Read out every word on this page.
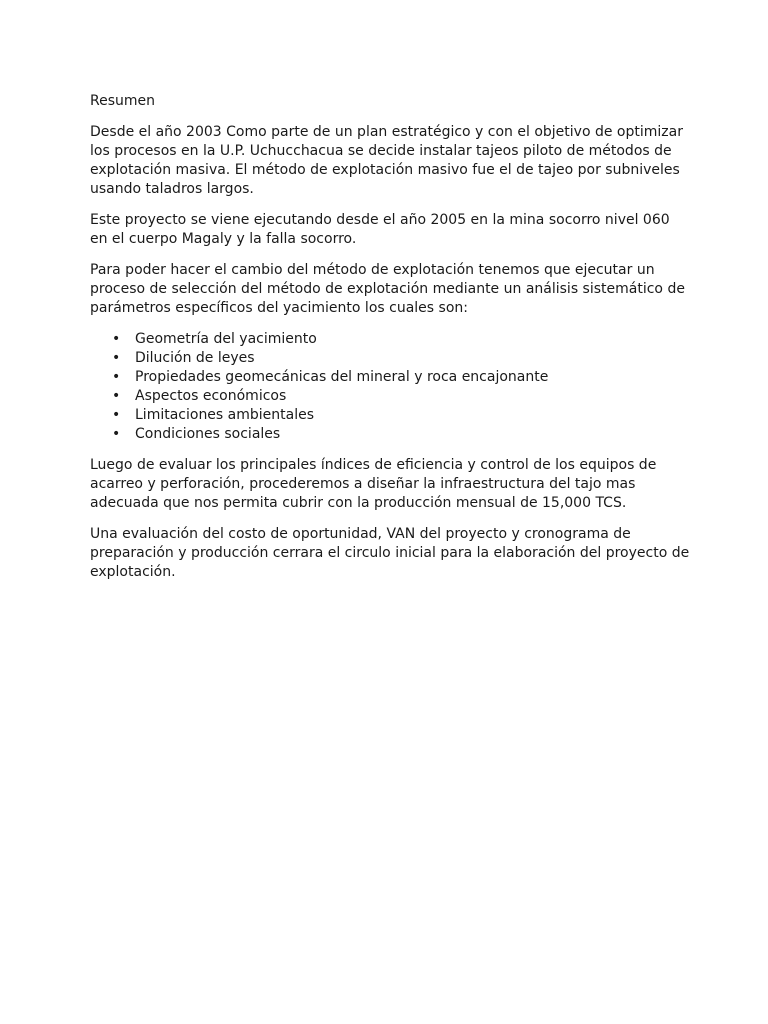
Resumen

Desde el año 2003 Como parte de un plan estratégico y con el objetivo de optimizar los procesos en la U.P. Uchucchacua se decide instalar tajeos piloto de métodos de explotación masiva. El método de explotación masivo fue el de tajeo por subniveles usando taladros largos.

Este proyecto se viene ejecutando desde el año 2005 en la mina socorro nivel 060 en el cuerpo Magaly y la falla socorro.

Para poder hacer el cambio del método de explotación tenemos que ejecutar un proceso de selección del método de explotación mediante un análisis sistemático de parámetros específicos del yacimiento los cuales son:

• Geometría del yacimiento
• Dilución de leyes
• Propiedades geomecánicas del mineral y roca encajonante
• Aspectos económicos
• Limitaciones ambientales
• Condiciones sociales

Luego de evaluar los principales índices de eficiencia y control de los equipos de acarreo y perforación, procederemos a diseñar la infraestructura del tajo mas adecuada que nos permita cubrir con la producción mensual de 15,000 TCS.

Una evaluación del costo de oportunidad, VAN del proyecto y cronograma de preparación y producción cerrara el circulo inicial para la elaboración del proyecto de explotación.
